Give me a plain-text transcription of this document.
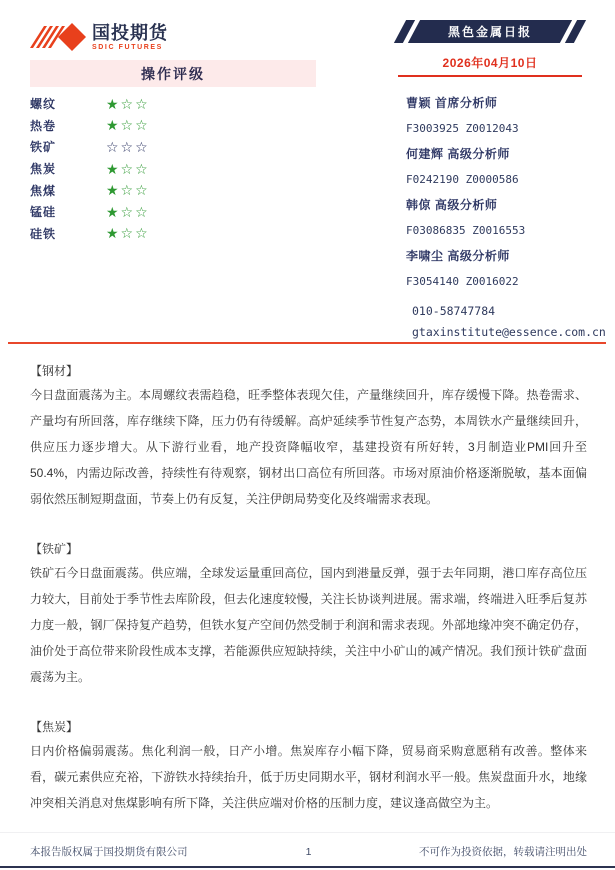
国投期货
SDIC FUTURES
黑色金属日报
2026年04月10日
操作评级
螺纹	★☆☆
热卷	★☆☆
铁矿	☆☆☆
焦炭	★☆☆
焦煤	★☆☆
锰硅	★☆☆
硅铁	★☆☆
曹颖 首席分析师
F3003925 Z0012043
何建辉 高级分析师
F0242190 Z0000586
韩倞 高级分析师
F03086835 Z0016553
李啸尘 高级分析师
F3054140 Z0016022
010-58747784
gtaxinstitute@essence.com.cn
【钢材】
今日盘面震荡为主。本周螺纹表需趋稳，旺季整体表现欠佳，产量继续回升，库存缓慢下降。热卷需求、产量均有所回落，库存继续下降，压力仍有待缓解。高炉延续季节性复产态势，本周铁水产量继续回升，供应压力逐步增大。从下游行业看，地产投资降幅收窄，基建投资有所好转，3月制造业PMI回升至50.4%，内需边际改善，持续性有待观察，钢材出口高位有所回落。市场对原油价格逐渐脱敏，基本面偏弱依然压制短期盘面，节奏上仍有反复，关注伊朗局势变化及终端需求表现。
【铁矿】
铁矿石今日盘面震荡。供应端，全球发运量重回高位，国内到港量反弹，强于去年同期，港口库存高位压力较大，目前处于季节性去库阶段，但去化速度较慢，关注长协谈判进展。需求端，终端进入旺季后复苏力度一般，钢厂保持复产趋势，但铁水复产空间仍然受制于利润和需求表现。外部地缘冲突不确定仍存，油价处于高位带来阶段性成本支撑，若能源供应短缺持续，关注中小矿山的减产情况。我们预计铁矿盘面震荡为主。
【焦炭】
日内价格偏弱震荡。焦化利润一般，日产小增。焦炭库存小幅下降，贸易商采购意愿稍有改善。整体来看，碳元素供应充裕，下游铁水持续抬升，低于历史同期水平，钢材利润水平一般。焦炭盘面升水，地缘冲突相关消息对焦煤影响有所下降，关注供应端对价格的压制力度，建议逢高做空为主。
本报告版权属于国投期货有限公司	1	不可作为投资依据，转载请注明出处
